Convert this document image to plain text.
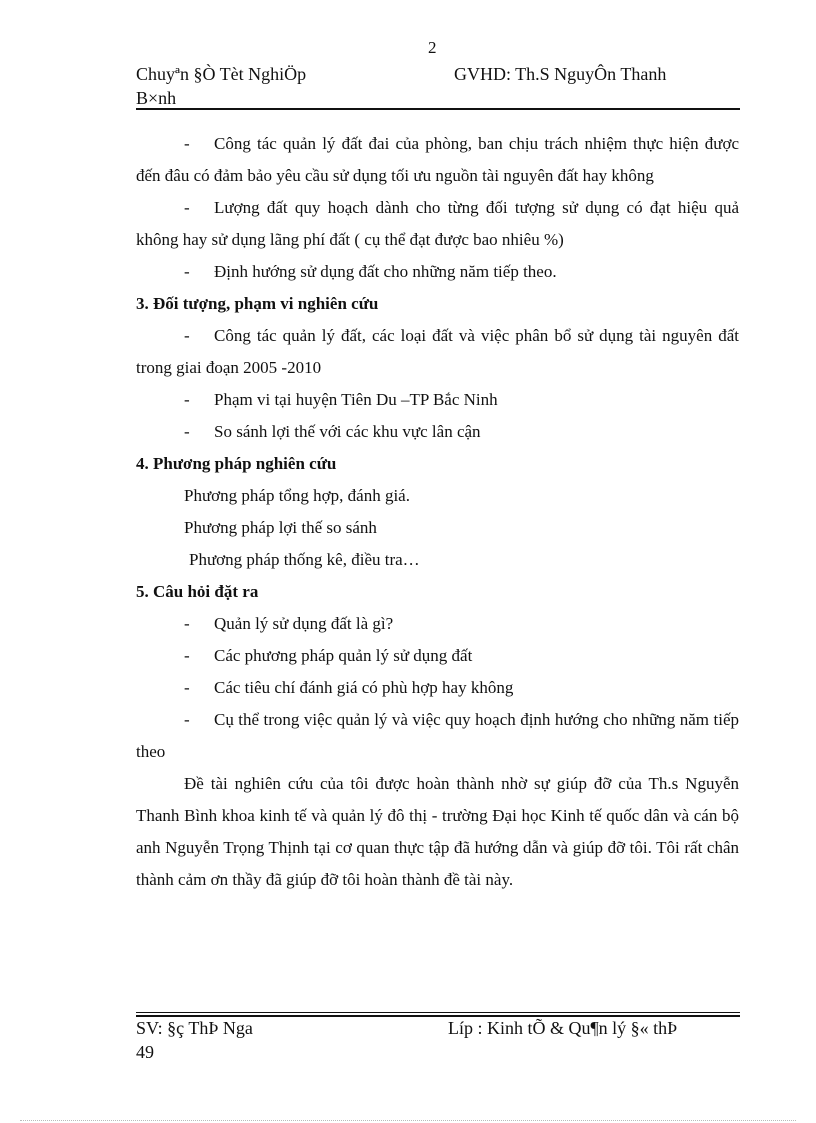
2
Chuyªn §Ò Tèt NghiÖp	GVHD: Th.S NguyÔn Thanh
B×nh
- Công tác quản lý đất đai của phòng, ban chịu trách nhiệm thực hiện được đến đâu có đảm bảo yêu cầu sử dụng tối ưu nguồn tài nguyên đất hay không
- Lượng đất quy hoạch dành cho từng đối tượng sử dụng có đạt hiệu quả không hay sử dụng lãng phí đất ( cụ thể đạt được bao nhiêu %)
- Định hướng sử dụng đất cho những năm tiếp theo.
3. Đối tượng, phạm vi nghiên cứu
- Công tác quản lý đất, các loại đất và việc phân bổ sử dụng tài nguyên đất trong giai đoạn 2005 -2010
- Phạm vi tại huyện Tiên Du –TP Bắc Ninh
- So sánh lợi thế với các khu vực lân cận
4. Phương pháp nghiên cứu
Phương pháp tổng hợp, đánh giá.
Phương pháp lợi thế so sánh
Phương pháp thống kê, điều tra…
5. Câu hỏi đặt ra
- Quản lý sử dụng đất là gì?
- Các phương pháp quản lý sử dụng đất
- Các tiêu chí đánh giá có phù hợp hay không
- Cụ thể trong việc quản lý và việc quy hoạch định hướng cho những năm tiếp theo
Đề tài nghiên cứu của tôi được hoàn thành nhờ sự giúp đỡ của Th.s Nguyễn Thanh Bình khoa kinh tế và quản lý đô thị - trường Đại học Kinh tế quốc dân và cán bộ anh Nguyễn Trọng Thịnh tại cơ quan thực tập đã hướng dẫn và giúp đỡ tôi. Tôi rất chân thành cảm ơn thầy đã giúp đỡ tôi hoàn thành đề tài này.
SV: §ç ThÞ Nga	Líp : Kinh tÕ & Qu¶n lý §« thÞ
49
